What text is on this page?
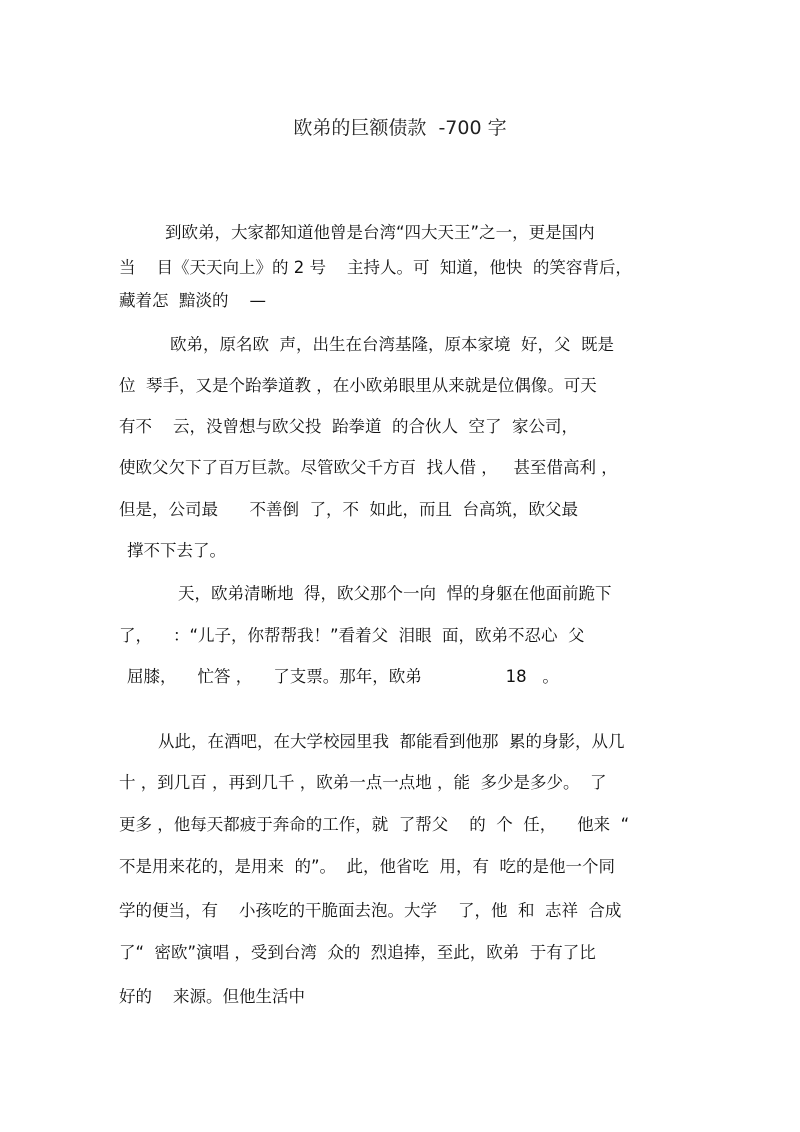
欧弟的巨额债款  -700 字
到欧弟，大家都知道他曾是台湾“四大天王”之一，更是国内
当    目《天天向上》的 2 号    主持人。可  知道，他快  的笑容背后，
藏着怎  黯淡的    —
欧弟，原名欧  声，出生在台湾基隆，原本家境  好，父  既是
位  琴手，又是个跆拳道教 ，在小欧弟眼里从来就是位偶像。可天
有不    云，没曾想与欧父投  跆拳道  的合伙人  空了  家公司，
使欧父欠下了百万巨款。尽管欧父千方百  找人借 ，   甚至借高利 ，
但是，公司最      不善倒  了，不  如此，而且  台高筑，欧父最
撑不下去了。
天，欧弟清晰地  得，欧父那个一向  悍的身躯在他面前跪下
了，    ：“儿子，你帮帮我！”看着父  泪眼  面，欧弟不忍心  父
屈膝，    忙答 ，    了支票。那年，欧弟                18   。
从此，在酒吧，在大学校园里我  都能看到他那  累的身影，从几
十 ，到几百 ，再到几千 ，欧弟一点一点地 ，能  多少是多少。  了
更多 ，他每天都疲于奔命的工作，就  了帮父    的  个  任，    他来  “
不是用来花的，是用来  的”。  此，他省吃  用，有  吃的是他一个同
学的便当，有    小孩吃的干脆面去泡。大学    了，他  和  志祥  合成
了“  密欧”演唱 ，受到台湾  众的  烈追捧，至此，欧弟  于有了比
好的    来源。但他生活中
